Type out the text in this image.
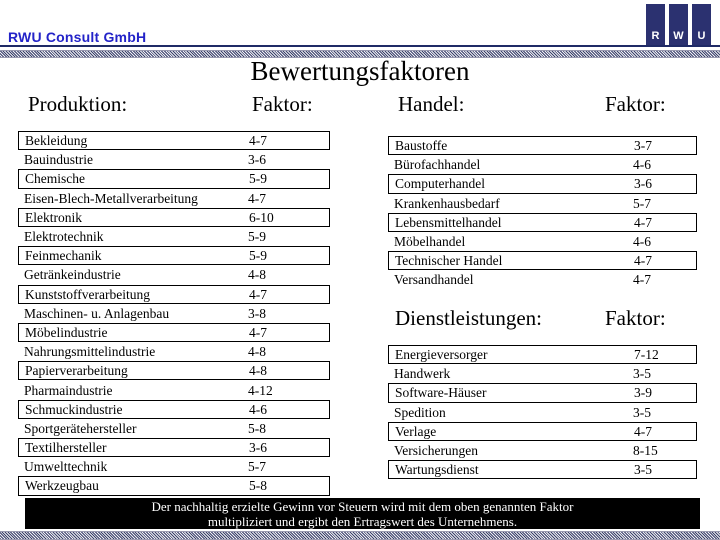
RWU Consult GmbH	R W U
Bewertungsfaktoren
Produktion:	Faktor:	Handel:	Faktor:
Dienstleistungen:	Faktor:
Bekleidung	4-7
Bauindustrie	3-6
Chemische	5-9
Eisen-Blech-Metallverarbeitung	4-7
Elektronik	6-10
Elektrotechnik	5-9
Feinmechanik	5-9
Getränkeindustrie	4-8
Kunststoffverarbeitung	4-7
Maschinen- u. Anlagenbau	3-8
Möbelindustrie	4-7
Nahrungsmittelindustrie	4-8
Papierverarbeitung	4-8
Pharmaindustrie	4-12
Schmuckindustrie	4-6
Sportgerätehersteller	5-8
Textilhersteller	3-6
Umwelttechnik	5-7
Werkzeugbau	5-8
Baustoffe	3-7
Bürofachhandel	4-6
Computerhandel	3-6
Krankenhausbedarf	5-7
Lebensmittelhandel	4-7
Möbelhandel	4-6
Technischer Handel	4-7
Versandhandel	4-7
Energieversorger	7-12
Handwerk	3-5
Software-Häuser	3-9
Spedition	3-5
Verlage	4-7
Versicherungen	8-15
Wartungsdienst	3-5
Der nachhaltig erzielte Gewinn vor Steuern wird mit dem oben genannten Faktor
multipliziert und ergibt den Ertragswert des Unternehmens.
